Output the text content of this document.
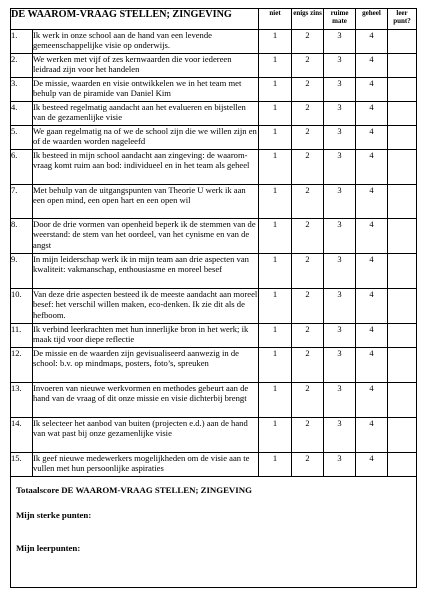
DE WAAROM-VRAAG STELLEN; ZINGEVING		niet	enigs zins	ruime mate	geheel	leer punt?
1.	Ik werk in onze school aan de hand van een levende gemeenschappelijke visie op onderwijs.	1	2	3	4	
2.	We werken met vijf of zes kernwaarden die voor iedereen leidraad zijn voor het handelen	1	2	3	4	
3.	De missie, waarden en visie ontwikkelen we in het team met behulp van de piramide van Daniel Kim	1	2	3	4	
4.	Ik besteed regelmatig aandacht aan het evalueren en bijstellen van de gezamenlijke visie	1	2	3	4	
5.	We gaan regelmatig na of we de school zijn die we willen zijn en of de waarden worden nageleefd	1	2	3	4	
6.	Ik besteed in mijn school aandacht aan zingeving: de waarom-vraag komt ruim aan bod: individueel en in het team als geheel	1	2	3	4	
7.	Met behulp van de uitgangspunten van Theorie U werk ik aan een open mind, een open hart en een open wil	1	2	3	4	
8.	Door de drie vormen van openheid beperk ik de stemmen van de weerstand: de stem van het oordeel, van het cynisme en van de angst	1	2	3	4	
9.	In mijn leiderschap werk ik in mijn team aan drie aspecten van kwaliteit: vakmanschap, enthousiasme en moreel besef	1	2	3	4	
10.	Van deze drie aspecten besteed ik de meeste aandacht aan moreel besef: het verschil willen maken, eco-denken. Ik zie dit als de hefboom.	1	2	3	4	
11.	Ik verbind leerkrachten met hun innerlijke bron in het werk; ik maak tijd voor diepe reflectie	1	2	3	4	
12.	De missie en de waarden zijn gevisualiseerd aanwezig in de school: b.v. op mindmaps, posters, foto’s, spreuken	1	2	3	4	
13.	Invoeren van nieuwe werkvormen en methodes gebeurt aan de hand van de vraag of dit onze missie en visie dichterbij brengt	1	2	3	4	
14.	Ik selecteer het aanbod van buiten (projecten e.d.) aan de hand van wat past bij onze gezamenlijke visie	1	2	3	4	
15.	Ik geef nieuwe medewerkers mogelijkheden om de visie aan te vullen met hun persoonlijke aspiraties	1	2	3	4	

Totaalscore DE WAAROM-VRAAG STELLEN; ZINGEVING
Mijn sterke punten:
Mijn leerpunten:						
